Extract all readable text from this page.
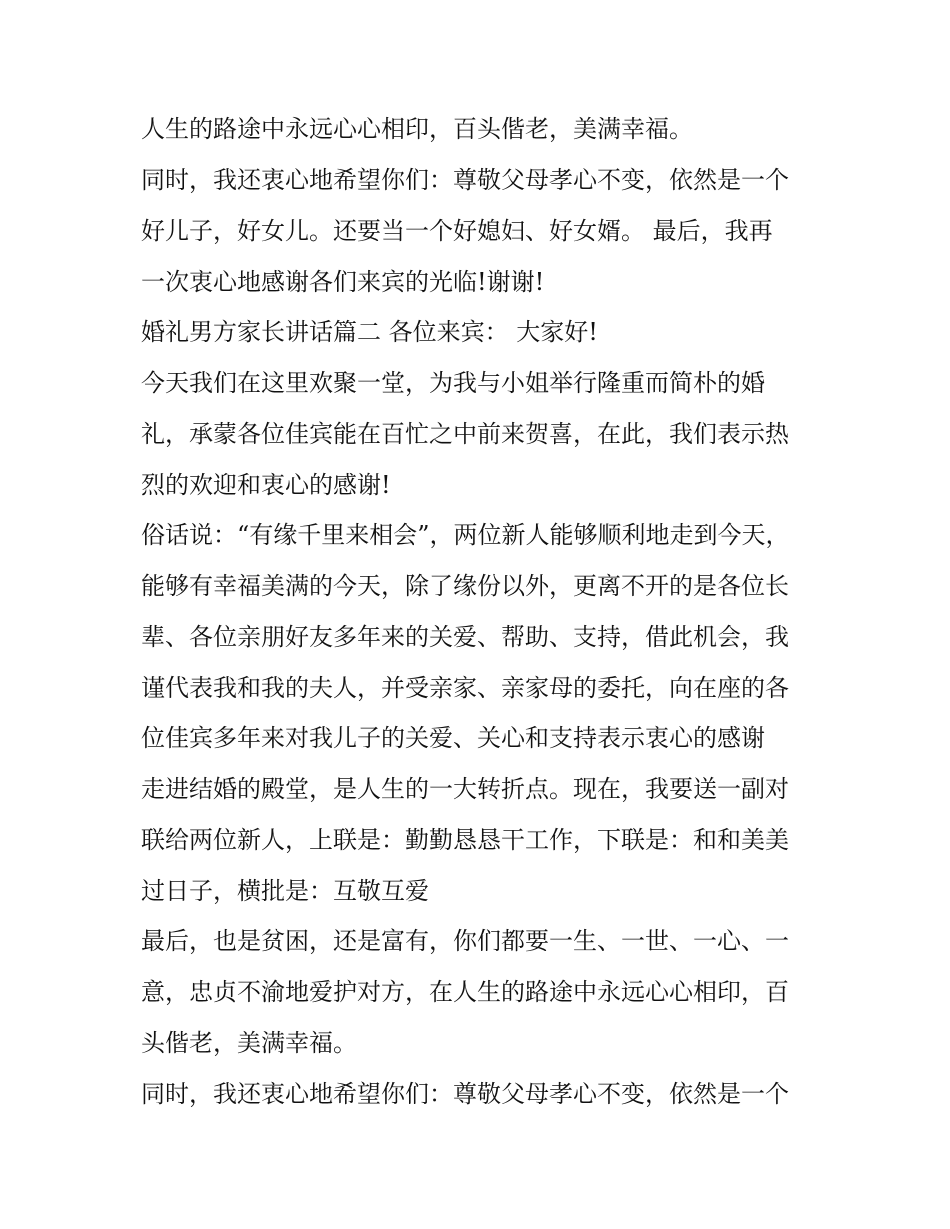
人生的路途中永远心心相印，百头偕老，美满幸福。

同时，我还衷心地希望你们：尊敬父母孝心不变，依然是一个

好儿子，好女儿。还要当一个好媳妇、好女婿。 最后，我再

一次衷心地感谢各们来宾的光临!谢谢!

婚礼男方家长讲话篇二 各位来宾： 大家好!

今天我们在这里欢聚一堂，为我与小姐举行隆重而简朴的婚

礼，承蒙各位佳宾能在百忙之中前来贺喜，在此，我们表示热

烈的欢迎和衷心的感谢!

俗话说：“有缘千里来相会”，两位新人能够顺利地走到今天，

能够有幸福美满的今天，除了缘份以外，更离不开的是各位长

辈、各位亲朋好友多年来的关爱、帮助、支持，借此机会，我

谨代表我和我的夫人，并受亲家、亲家母的委托，向在座的各

位佳宾多年来对我儿子的关爱、关心和支持表示衷心的感谢

走进结婚的殿堂，是人生的一大转折点。现在，我要送一副对

联给两位新人，上联是：勤勤恳恳干工作，下联是：和和美美

过日子，横批是：互敬互爱

最后，也是贫困，还是富有，你们都要一生、一世、一心、一

意，忠贞不渝地爱护对方，在人生的路途中永远心心相印，百

头偕老，美满幸福。

同时，我还衷心地希望你们：尊敬父母孝心不变，依然是一个
